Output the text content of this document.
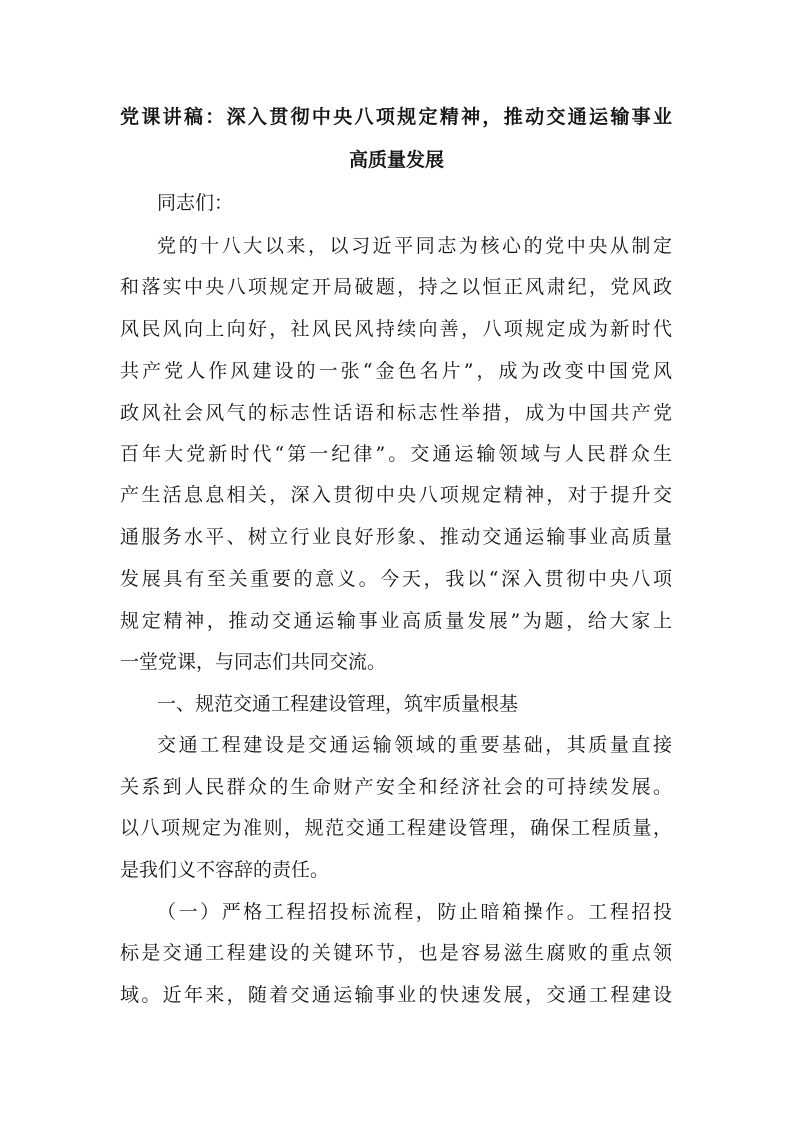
党课讲稿：深入贯彻中央八项规定精神，推动交通运输事业
高质量发展
同志们：
党的十八大以来，以习近平同志为核心的党中央从制定
和落实中央八项规定开局破题，持之以恒正风肃纪，党风政
风民风向上向好，社风民风持续向善，八项规定成为新时代
共产党人作风建设的一张“金色名片”，成为改变中国党风
政风社会风气的标志性话语和标志性举措，成为中国共产党
百年大党新时代“第一纪律”。交通运输领域与人民群众生
产生活息息相关，深入贯彻中央八项规定精神，对于提升交
通服务水平、树立行业良好形象、推动交通运输事业高质量
发展具有至关重要的意义。今天，我以“深入贯彻中央八项
规定精神，推动交通运输事业高质量发展”为题，给大家上
一堂党课，与同志们共同交流。
一、规范交通工程建设管理，筑牢质量根基
交通工程建设是交通运输领域的重要基础，其质量直接
关系到人民群众的生命财产安全和经济社会的可持续发展。
以八项规定为准则，规范交通工程建设管理，确保工程质量，
是我们义不容辞的责任。
（一）严格工程招投标流程，防止暗箱操作。工程招投
标是交通工程建设的关键环节，也是容易滋生腐败的重点领
域。近年来，随着交通运输事业的快速发展，交通工程建设
